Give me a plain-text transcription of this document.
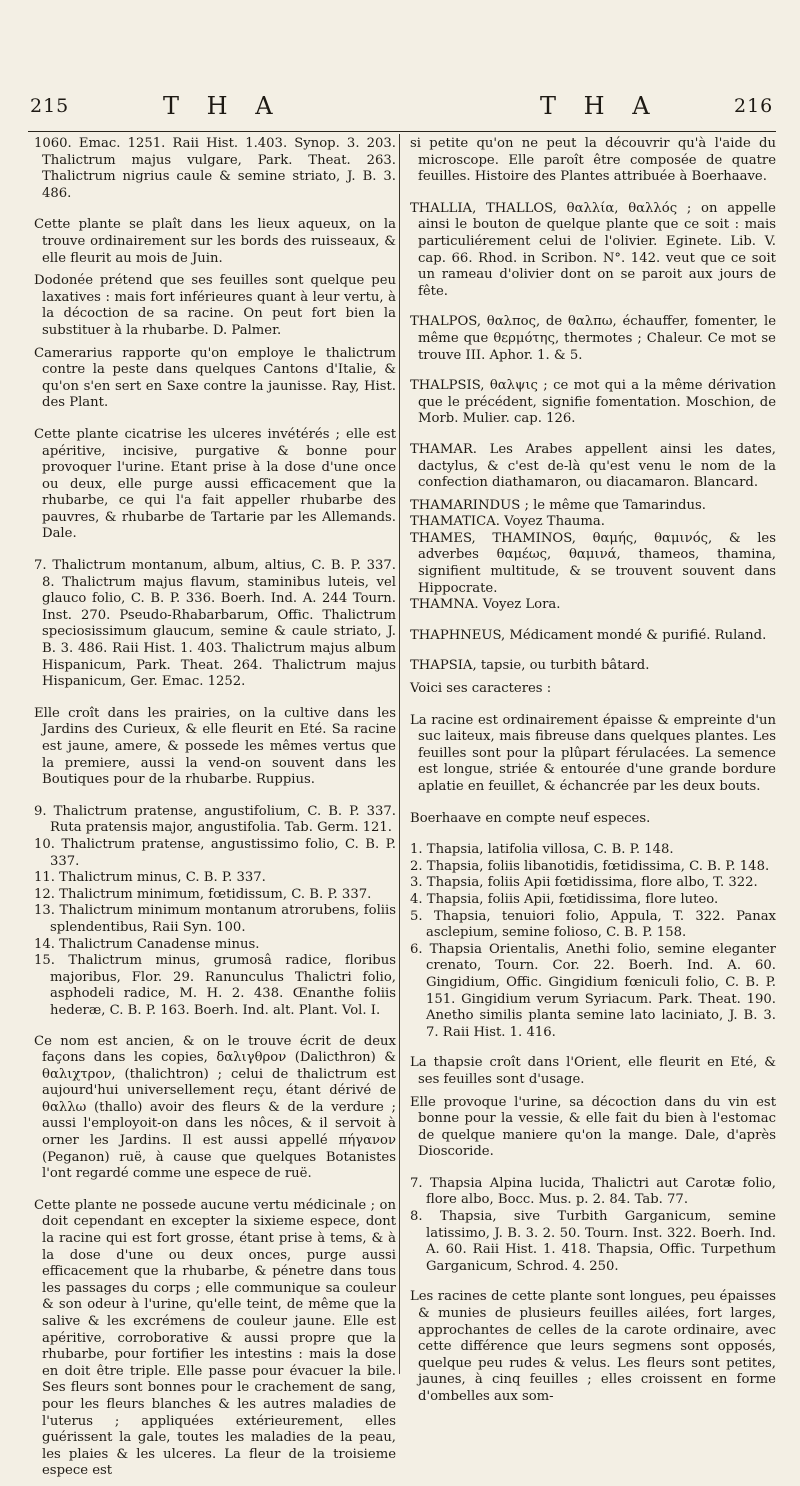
215	T H A	T H A	216

1060. Emac. 1251. Raii Hist. 1.403. Synop. 3. 203. Thalictrum majus vulgare, Park. Theat. 263. Thalictrum nigrius caule & semine striato, J. B. 3. 486.

Cette plante se plaît dans les lieux aqueux, on la trouve ordinairement sur les bords des ruisseaux, & elle fleurit au mois de Juin.

Dodonée prétend que ses feuilles sont quelque peu laxatives : mais fort inférieures quant à leur vertu, à la décoction de sa racine. On peut fort bien la substituer à la rhubarbe. D. Palmer.

Camerarius rapporte qu'on employe le thalictrum contre la peste dans quelques Cantons d'Italie, & qu'on s'en sert en Saxe contre la jaunisse. Ray, Hist. des Plant.

Cette plante cicatrise les ulceres invétérés ; elle est apéritive, incisive, purgative & bonne pour provoquer l'urine. Etant prise à la dose d'une once ou deux, elle purge aussi efficacement que la rhubarbe, ce qui l'a fait appeller rhubarbe des pauvres, & rhubarbe de Tartarie par les Allemands. Dale.

7. Thalictrum montanum, album, altius, C. B. P. 337. 8. Thalictrum majus flavum, staminibus luteis, vel glauco folio, C. B. P. 336. Boerh. Ind. A. 244 Tourn. Inst. 270. Pseudo-Rhabarbarum, Offic. Thalictrum speciosissimum glaucum, semine & caule striato, J. B. 3. 486. Raii Hist. 1. 403. Thalictrum majus album Hispanicum, Park. Theat. 264. Thalictrum majus Hispanicum, Ger. Emac. 1252.

Elle croît dans les prairies, on la cultive dans les Jardins des Curieux, & elle fleurit en Eté. Sa racine est jaune, amere, & possede les mêmes vertus que la premiere, aussi la vend-on souvent dans les Boutiques pour de la rhubarbe. Ruppius.

9. Thalictrum pratense, angustifolium, C. B. P. 337. Ruta pratensis major, angustifolia. Tab. Germ. 121.

10. Thalictrum pratense, angustissimo folio, C. B. P. 337.

11. Thalictrum minus, C. B. P. 337.

12. Thalictrum minimum, fœtidissum, C. B. P. 337.

13. Thalictrum minimum montanum atrorubens, foliis splendentibus, Raii Syn. 100.

14. Thalictrum Canadense minus.

15. Thalictrum minus, grumosâ radice, floribus majoribus, Flor. 29. Ranunculus Thalictri folio, asphodeli radice, M. H. 2. 438. Œnanthe foliis hederæ, C. B. P. 163. Boerh. Ind. alt. Plant. Vol. I.

Ce nom est ancien, & on le trouve écrit de deux façons dans les copies, δαλιγθρον (Dalicthron) & θαλιχτρον, (thalichtron) ; celui de thalictrum est aujourd'hui universellement reçu, étant dérivé de θαλλω (thallo) avoir des fleurs & de la verdure ; aussi l'employoit-on dans les nôces, & il servoit à orner les Jardins. Il est aussi appellé πήγανον (Peganon) ruë, à cause que quelques Botanistes l'ont regardé comme une espece de ruë.

Cette plante ne possede aucune vertu médicinale ; on doit cependant en excepter la sixieme espece, dont la racine qui est fort grosse, étant prise à tems, & à la dose d'une ou deux onces, purge aussi efficacement que la rhubarbe, & pénetre dans tous les passages du corps ; elle communique sa couleur & son odeur à l'urine, qu'elle teint, de même que la salive & les excrémens de couleur jaune. Elle est apéritive, corroborative & aussi propre que la rhubarbe, pour fortifier les intestins : mais la dose en doit être triple. Elle passe pour évacuer la bile. Ses fleurs sont bonnes pour le crachement de sang, pour les fleurs blanches & les autres maladies de l'uterus ; appliquées extérieurement, elles guérissent la gale, toutes les maladies de la peau, les plaies & les ulceres. La fleur de la troisieme espece est

si petite qu'on ne peut la découvrir qu'à l'aide du microscope. Elle paroît être composée de quatre feuilles. Histoire des Plantes attribuée à Boerhaave.

THALLIA, THALLOS, θαλλία, θαλλός ; on appelle ainsi le bouton de quelque plante que ce soit : mais particuliérement celui de l'olivier. Eginete. Lib. V. cap. 66. Rhod. in Scribon. N°. 142. veut que ce soit un rameau d'olivier dont on se paroit aux jours de fête.

THALPOS, θαλπος, de θαλπω, échauffer, fomenter, le même que θερμότης, thermotes ; Chaleur. Ce mot se trouve III. Aphor. 1. & 5.

THALPSIS, θαλψις ; ce mot qui a la même dérivation que le précédent, signifie fomentation. Moschion, de Morb. Mulier. cap. 126.

THAMAR. Les Arabes appellent ainsi les dates, dactylus, & c'est de-là qu'est venu le nom de la confection diathamaron, ou diacamaron. Blancard.

THAMARINDUS ; le même que Tamarindus.

THAMATICA. Voyez Thauma.

THAMES, THAMINOS, θαμής, θαμινός, & les adverbes θαμέως, θαμινά, thameos, thamina, signifient multitude, & se trouvent souvent dans Hippocrate.

THAMNA. Voyez Lora.

THAPHNEUS, Médicament mondé & purifié. Ruland.

THAPSIA, tapsie, ou turbith bâtard.

Voici ses caracteres :

La racine est ordinairement épaisse & empreinte d'un suc laiteux, mais fibreuse dans quelques plantes. Les feuilles sont pour la plûpart férulacées. La semence est longue, striée & entourée d'une grande bordure aplatie en feuillet, & échancrée par les deux bouts.

Boerhaave en compte neuf especes.

1. Thapsia, latifolia villosa, C. B. P. 148.

2. Thapsia, foliis libanotidis, fœtidissima, C. B. P. 148.

3. Thapsia, foliis Apii fœtidissima, flore albo, T. 322.

4. Thapsia, foliis Apii, fœtidissima, flore luteo.

5. Thapsia, tenuiori folio, Appula, T. 322. Panax asclepium, semine folioso, C. B. P. 158.

6. Thapsia Orientalis, Anethi folio, semine eleganter crenato, Tourn. Cor. 22. Boerh. Ind. A. 60. Gingidium, Offic. Gingidium fœniculi folio, C. B. P. 151. Gingidium verum Syriacum. Park. Theat. 190. Anetho similis planta semine lato laciniato, J. B. 3. 7. Raii Hist. 1. 416.

La thapsie croît dans l'Orient, elle fleurit en Eté, & ses feuilles sont d'usage.

Elle provoque l'urine, sa décoction dans du vin est bonne pour la vessie, & elle fait du bien à l'estomac de quelque maniere qu'on la mange. Dale, d'après Dioscoride.

7. Thapsia Alpina lucida, Thalictri aut Carotæ folio, flore albo, Bocc. Mus. p. 2. 84. Tab. 77.

8. Thapsia, sive Turbith Garganicum, semine latissimo, J. B. 3. 2. 50. Tourn. Inst. 322. Boerh. Ind. A. 60. Raii Hist. 1. 418. Thapsia, Offic. Turpethum Garganicum, Schrod. 4. 250.

Les racines de cette plante sont longues, peu épaisses & munies de plusieurs feuilles ailées, fort larges, approchantes de celles de la carote ordinaire, avec cette différence que leurs segmens sont opposés, quelque peu rudes & velus. Les fleurs sont petites, jaunes, à cinq feuilles ; elles croissent en forme d'ombelles aux som-
